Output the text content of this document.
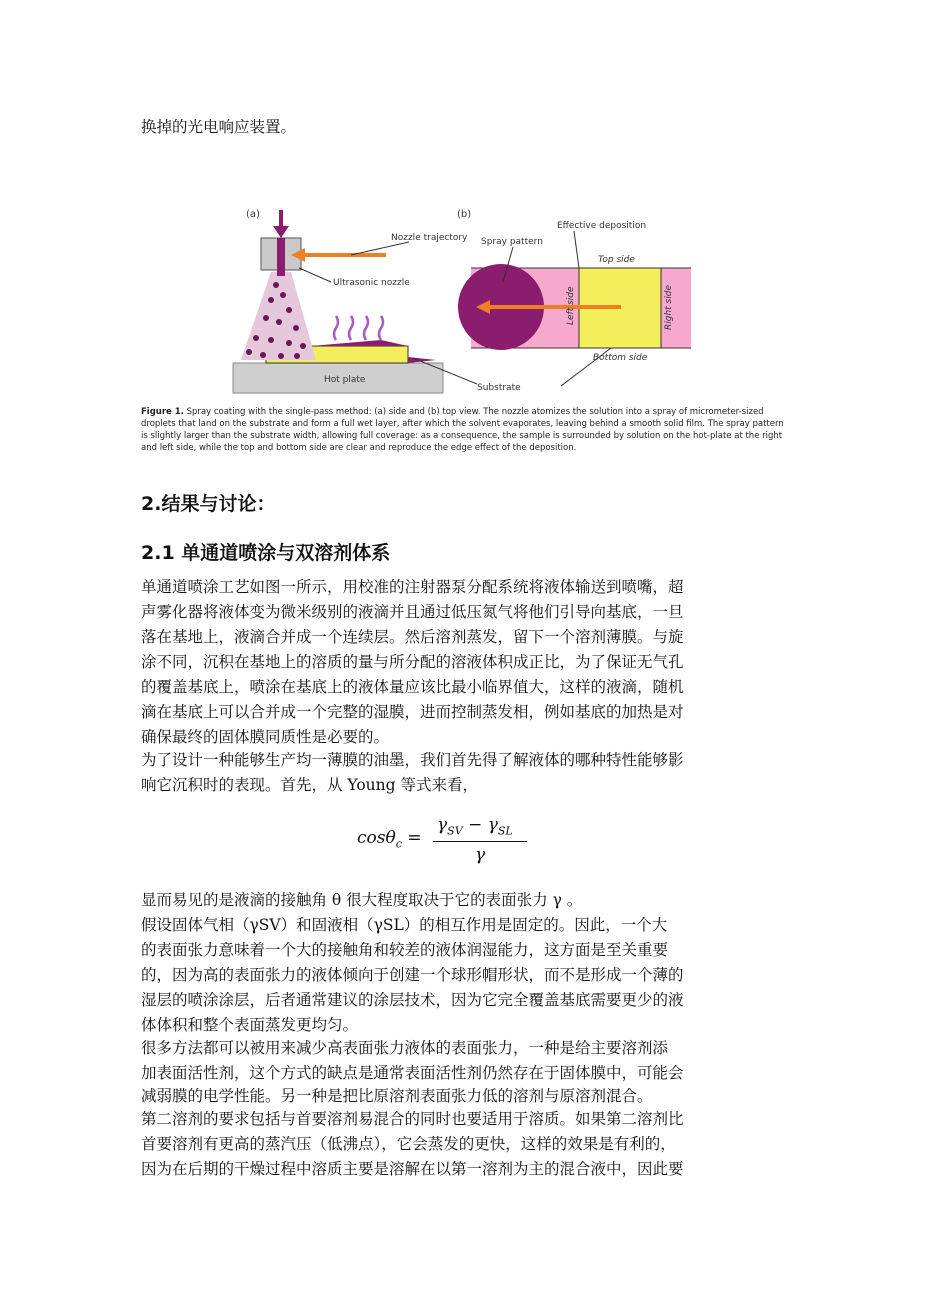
换掉的光电响应装置。
(a)
Hot plate
Nozzle trajectory
Ultrasonic nozzle
Substrate
(b)
Top side
Bottom side
Left side	Right side
Spray pattern
Effective deposition
Figure 1. Spray coating with the single-pass method: (a) side and (b) top view. The nozzle atomizes the solution into a spray of micrometer-sized
droplets that land on the substrate and form a full wet layer, after which the solvent evaporates, leaving behind a smooth solid film. The spray pattern
is slightly larger than the substrate width, allowing full coverage: as a consequence, the sample is surrounded by solution on the hot-plate at the right
and left side, while the top and bottom side are clear and reproduce the edge effect of the deposition.
2.结果与讨论：
2.1 单通道喷涂与双溶剂体系
单通道喷涂工艺如图一所示，用校准的注射器泵分配系统将液体输送到喷嘴，超
声雾化器将液体变为微米级别的液滴并且通过低压氮气将他们引导向基底，一旦
落在基地上，液滴合并成一个连续层。然后溶剂蒸发，留下一个溶剂薄膜。与旋
涂不同，沉积在基地上的溶质的量与所分配的溶液体积成正比，为了保证无气孔
的覆盖基底上，喷涂在基底上的液体量应该比最小临界值大，这样的液滴，随机
滴在基底上可以合并成一个完整的湿膜，进而控制蒸发相，例如基底的加热是对
确保最终的固体膜同质性是必要的。
为了设计一种能够生产均一薄膜的油墨，我们首先得了解液体的哪种特性能够影
响它沉积时的表现。首先，从 Young 等式来看，
cosθ$_c$ =
$\gamma_{SV} - \gamma_{SL}$
γ
显而易见的是液滴的接触角 θ 很大程度取决于它的表面张力 γ 。
假设固体气相（γSV）和固液相（γSL）的相互作用是固定的。因此，一个大
的表面张力意味着一个大的接触角和较差的液体润湿能力，这方面是至关重要
的，因为高的表面张力的液体倾向于创建一个球形帽形状，而不是形成一个薄的
湿层的喷涂涂层，后者通常建议的涂层技术，因为它完全覆盖基底需要更少的液
体体积和整个表面蒸发更均匀。
很多方法都可以被用来减少高表面张力液体的表面张力，一种是给主要溶剂添
加表面活性剂，这个方式的缺点是通常表面活性剂仍然存在于固体膜中，可能会
减弱膜的电学性能。另一种是把比原溶剂表面张力低的溶剂与原溶剂混合。
第二溶剂的要求包括与首要溶剂易混合的同时也要适用于溶质。如果第二溶剂比
首要溶剂有更高的蒸汽压（低沸点），它会蒸发的更快，这样的效果是有利的，
因为在后期的干燥过程中溶质主要是溶解在以第一溶剂为主的混合液中，因此要
